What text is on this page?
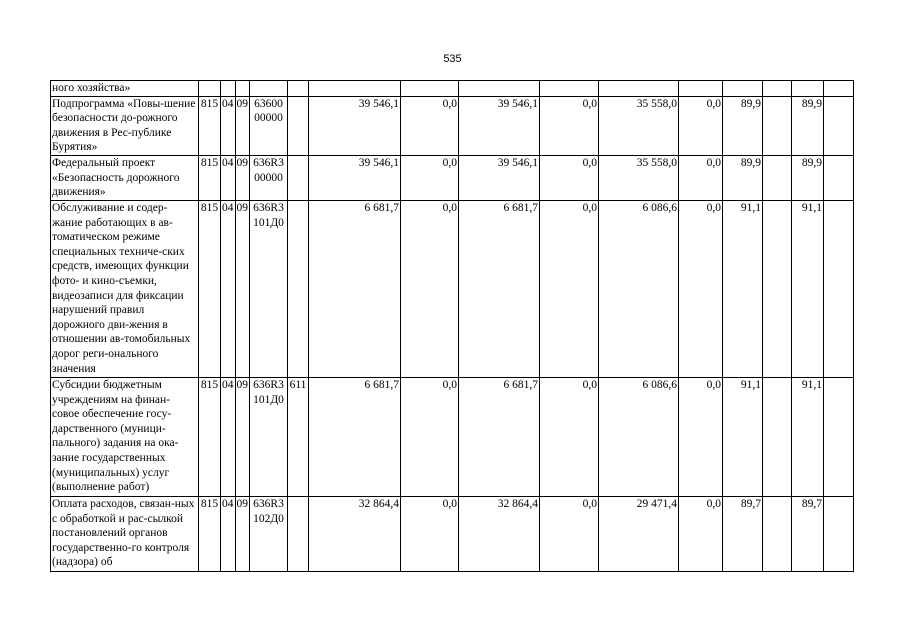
535
ного хозяйства»															
Подпрограмма «Повы-шение безопасности до-рожного движения в Рес-публике Бурятия»	815	04	09	63600 00000		39 546,1	0,0	39 546,1	0,0	35 558,0	0,0	89,9		89,9	
Федеральный проект «Безопасность дорожного движения»	815	04	09	636R3 00000		39 546,1	0,0	39 546,1	0,0	35 558,0	0,0	89,9		89,9	
Обслуживание и содер-жание работающих в ав-томатическом режиме специальных техниче-ских средств, имеющих функции фото- и кино-съемки, видеозаписи для фиксации нарушений правил дорожного дви-жения в отношении ав-томобильных дорог реги-онального значения	815	04	09	636R3 101Д0		6 681,7	0,0	6 681,7	0,0	6 086,6	0,0	91,1		91,1	
Субсидии бюджетным учреждениям на финан-совое обеспечение госу-дарственного (муници-пального) задания на ока-зание государственных (муниципальных) услуг (выполнение работ)	815	04	09	636R3 101Д0	611	6 681,7	0,0	6 681,7	0,0	6 086,6	0,0	91,1		91,1	
Оплата расходов, связан-ных с обработкой и рас-сылкой постановлений органов государственно-го контроля (надзора) об	815	04	09	636R3 102Д0		32 864,4	0,0	32 864,4	0,0	29 471,4	0,0	89,7		89,7	
